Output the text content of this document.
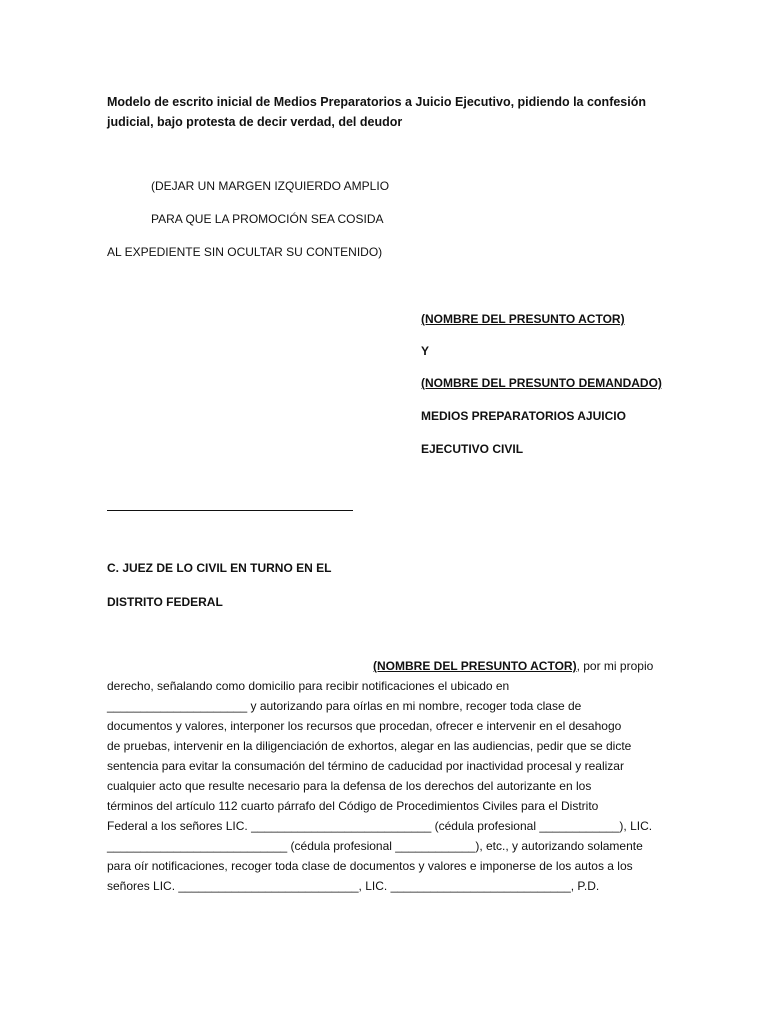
Modelo de escrito inicial de Medios Preparatorios a Juicio Ejecutivo, pidiendo la confesión
judicial, bajo protesta de decir verdad, del deudor
(DEJAR UN MARGEN IZQUIERDO AMPLIO
PARA QUE LA PROMOCIÓN SEA COSIDA
AL EXPEDIENTE SIN OCULTAR SU CONTENIDO)
(NOMBRE DEL PRESUNTO ACTOR)
Y
(NOMBRE DEL PRESUNTO DEMANDADO)
MEDIOS PREPARATORIOS AJUICIO
EJECUTIVO CIVIL
C. JUEZ DE LO CIVIL EN TURNO EN EL
DISTRITO FEDERAL
(NOMBRE DEL PRESUNTO ACTOR), por mi propio
derecho, señalando como domicilio para recibir notificaciones el ubicado en
_____________________ y autorizando para oírlas en mi nombre, recoger toda clase de
documentos y valores, interponer los recursos que procedan, ofrecer e intervenir en el desahogo
de pruebas, intervenir en la diligenciación de exhortos, alegar en las audiencias, pedir que se dicte
sentencia para evitar la consumación del término de caducidad por inactividad procesal y realizar
cualquier acto que resulte necesario para la defensa de los derechos del autorizante en los
términos del artículo 112 cuarto párrafo del Código de Procedimientos Civiles para el Distrito
Federal a los señores LIC. ___________________________ (cédula profesional ____________), LIC.
___________________________ (cédula profesional ____________), etc., y autorizando solamente
para oír notificaciones, recoger toda clase de documentos y valores e imponerse de los autos a los
señores LIC. ___________________________, LIC. ___________________________, P.D.
